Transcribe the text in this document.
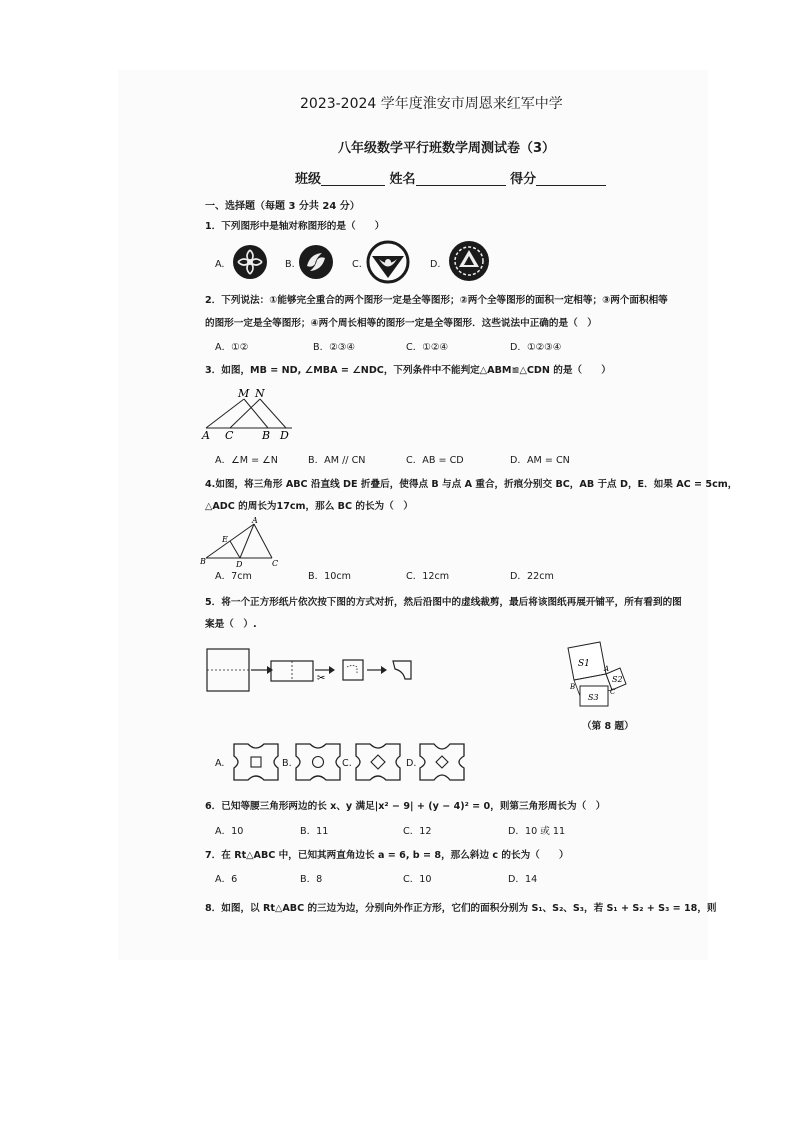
2023-2024 学年度淮安市周恩来红军中学
八年级数学平行班数学周测试卷（3）
班级	姓名	得分
一、选择题（每题 3 分共 24 分）
1．下列图形中是轴对称图形的是（　　）
A.	B.	C.	D.
2．下列说法：①能够完全重合的两个图形一定是全等图形；②两个全等图形的面积一定相等；③两个面积相等
的图形一定是全等图形；④两个周长相等的图形一定是全等图形．这些说法中正确的是（　）
A．①②	B．②③④	C．①②④	D．①②③④
3．如图，MB = ND, ∠MBA = ∠NDC，下列条件中不能判定△ABM≌△CDN 的是（　　）
M N
A C	B D
A．∠M = ∠N	B．AM // CN	C．AB = CD	D．AM = CN
4.如图，将三角形 ABC 沿直线 DE 折叠后，使得点 B 与点 A 重合，折痕分别交 BC，AB 于点 D，E．如果 AC = 5cm，
△ADC 的周长为17cm，那么 BC 的长为（　）
A
E
B	D	C
A．7cm	B．10cm	C．12cm	D．22cm
5．将一个正方形纸片依次按下图的方式对折，然后沿图中的虚线裁剪，最后将该图纸再展开铺平，所有看到的图
案是（　）.
✂
S1
S2
S3
A
B
C
（第 8 题）
A.	B.	C.	D.
6．已知等腰三角形两边的长 x、y 满足|x² − 9| + (y − 4)² = 0，则第三角形周长为（　）
A．10	B．11	C．12	D．10 或 11
7．在 Rt△ABC 中，已知其两直角边长 a = 6, b = 8，那么斜边 c 的长为（　　）
A．6	B．8	C．10	D．14
8．如图，以 Rt△ABC 的三边为边，分别向外作正方形，它们的面积分别为 S₁、S₂、S₃，若 S₁ + S₂ + S₃ = 18，则
